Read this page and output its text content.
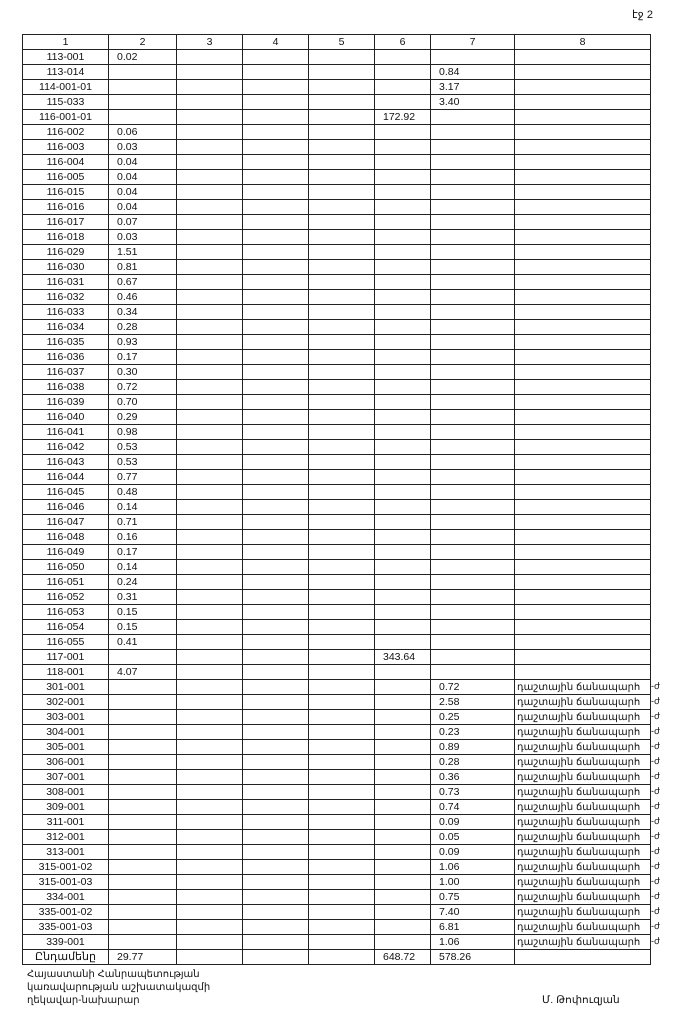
էջ 2
1	2	3	4	5	6	7	8
113-001	0.02						

113-014						0.84	

114-001-01						3.17	

115-033						3.40	

116-001-01					172.92		

116-002	0.06						

116-003	0.03						

116-004	0.04						

116-005	0.04						

116-015	0.04						

116-016	0.04						

116-017	0.07						

116-018	0.03						

116-029	1.51						

116-030	0.81						

116-031	0.67						

116-032	0.46						

116-033	0.34						

116-034	0.28						

116-035	0.93						

116-036	0.17						

116-037	0.30						

116-038	0.72						

116-039	0.70						

116-040	0.29						

116-041	0.98						

116-042	0.53						

116-043	0.53						

116-044	0.77						

116-045	0.48						

116-046	0.14						

116-047	0.71						

116-048	0.16						

116-049	0.17						

116-050	0.14						

116-051	0.24						

116-052	0.31						

116-053	0.15						

116-054	0.15						

116-055	0.41						

117-001					343.64		

118-001	4.07						

301-001						0.72	դաշտային ճանապարհ -ժ

302-001						2.58	դաշտային ճանապարհ -ժ

303-001						0.25	դաշտային ճանապարհ -ժ

304-001						0.23	դաշտային ճանապարհ -ժ

305-001						0.89	դաշտային ճանապարհ -ժ

306-001						0.28	դաշտային ճանապարհ -ժ

307-001						0.36	դաշտային ճանապարհ -ժ

308-001						0.73	դաշտային ճանապարհ -ժ

309-001						0.74	դաշտային ճանապարհ -ժ

311-001						0.09	դաշտային ճանապարհ -ժ

312-001						0.05	դաշտային ճանապարհ -ժ

313-001						0.09	դաշտային ճանապարհ -ժ

315-001-02						1.06	դաշտային ճանապարհ -ժ

315-001-03						1.00	դաշտային ճանապարհ -ժ

334-001						0.75	դաշտային ճանապարհ -ժ

335-001-02						7.40	դաշտային ճանապարհ -ժ

335-001-03						6.81	դաշտային ճանապարհ -ժ

339-001						1.06	դաշտային ճանապարհ -ժ

Ընդամենը	29.77				648.72	578.26	
Հայաստանի Հանրապետության
կառավարության աշխատակազմի
ղեկավար-նախարար	Մ. Թոփուզյան
